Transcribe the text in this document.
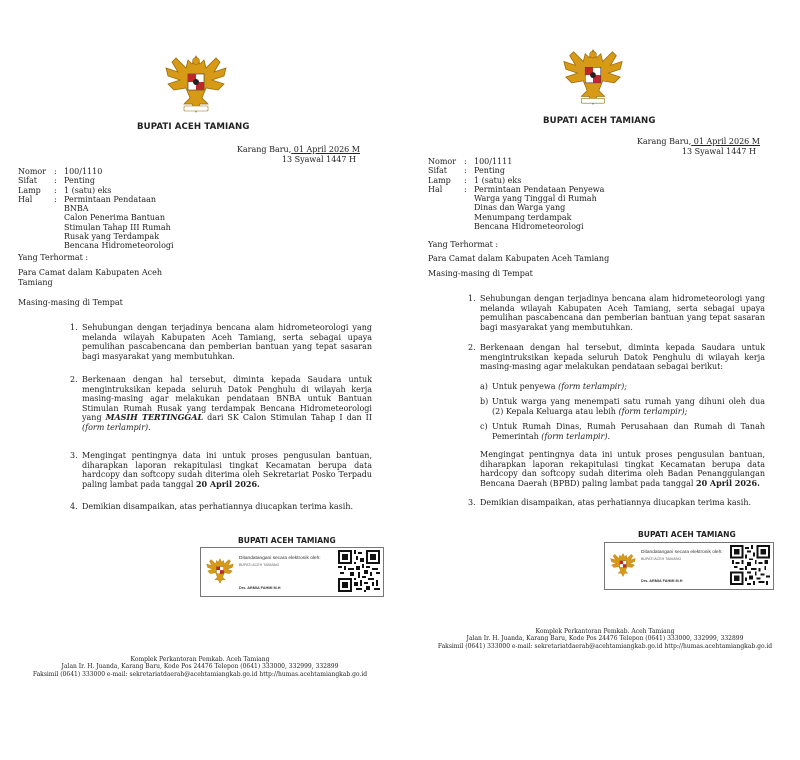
BUPATI ACEH TAMIANG
Karang Baru, 01 April 2026 M
13 Syawal 1447 H
Nomor : 100/1110
Sifat	: Penting
Lamp	: 1 (satu) eks
Hal	: Permintaan Pendataan BNBA
Calon Penerima Bantuan
Stimulan Tahap III Rumah
Rusak yang Terdampak
Bencana Hidrometeorologi
Yang Terhormat :
Para Camat dalam Kabupaten Aceh
Tamiang
Masing-masing di Tempat
1. Sehubungan dengan terjadinya bencana alam hidrometeorologi yang melanda wilayah Kabupaten Aceh Tamiang, serta sebagai upaya pemulihan pascabencana dan pemberian bantuan yang tepat sasaran bagi masyarakat yang membutuhkan.
2. Berkenaan dengan hal tersebut, diminta kepada Saudara untuk mengintruksikan kepada seluruh Datok Penghulu di wilayah kerja masing-masing agar melakukan pendataan BNBA untuk Bantuan Stimulan Rumah Rusak yang terdampak Bencana Hidrometeorologi yang MASIH TERTINGGAL dari SK Calon Stimulan Tahap I dan II (form terlampir).
3. Mengingat pentingnya data ini untuk proses pengusulan bantuan, diharapkan laporan rekapitulasi tingkat Kecamatan berupa data hardcopy dan softcopy sudah diterima oleh Sekretariat Posko Terpadu paling lambat pada tanggal 20 April 2026.
4. Demikian disampaikan, atas perhatiannya diucapkan terima kasih.
BUPATI ACEH TAMIANG
Ditandatangani secara elektronik oleh:
BUPATI ACEH TAMIANG
Drs. ARMIA FAHMI M.H
Komplek Perkantoran Pemkab. Aceh Tamiang
Jalan Ir. H. Juanda, Karang Baru, Kode Pos 24476 Telepon (0641) 333000, 332999, 332899
Faksimil (0641) 333000 e-mail: sekretariatdaerah@acehtamiangkab.go.id http://humas.acehtamiangkab.go.id
BUPATI ACEH TAMIANG
Karang Baru, 01 April 2026 M
13 Syawal 1447 H
Nomor : 100/1111
Sifat	: Penting
Lamp	: 1 (satu) eks
Hal	: Permintaan Pendataan Penyewa
Warga yang Tinggal di Rumah
Dinas dan Warga yang
Menumpang terdampak
Bencana Hidrometeorologi
Yang Terhormat :
Para Camat dalam Kabupaten Aceh Tamiang
Masing-masing di Tempat
1. Sehubungan dengan terjadinya bencana alam hidrometeorologi yang melanda wilayah Kabupaten Aceh Tamiang, serta sebagai upaya pemulihan pascabencana dan pemberian bantuan yang tepat sasaran bagi masyarakat yang membutuhkan.
2. Berkenaan dengan hal tersebut, diminta kepada Saudara untuk mengintruksikan kepada seluruh Datok Penghulu di wilayah kerja masing-masing agar melakukan pendataan sebagai berikut:
a) Untuk penyewa (form terlampir);
b) Untuk warga yang menempati satu rumah yang dihuni oleh dua (2) Kepala Keluarga atau lebih (form terlampir);
c) Untuk Rumah Dinas, Rumah Perusahaan dan Rumah di Tanah Pemerintah (form terlampir).
Mengingat pentingnya data ini untuk proses pengusulan bantuan, diharapkan laporan rekapitulasi tingkat Kecamatan berupa data hardcopy dan softcopy sudah diterima oleh Badan Penanggulangan Bencana Daerah (BPBD) paling lambat pada tanggal 20 April 2026.
3. Demikian disampaikan, atas perhatiannya diucapkan terima kasih.
BUPATI ACEH TAMIANG
Ditandatangani secara elektronik oleh:
BUPATI ACEH TAMIANG
Drs. ARMIA FAHMI M.H
Komplek Perkantoran Pemkab. Aceh Tamiang
Jalan Ir. H. Juanda, Karang Baru, Kode Pos 24476 Telepon (0641) 333000, 332999, 332899
Faksimil (0641) 333000 e-mail: sekretariatdaerah@acehtamiangkab.go.id http://humas.acehtamiangkab.go.id
